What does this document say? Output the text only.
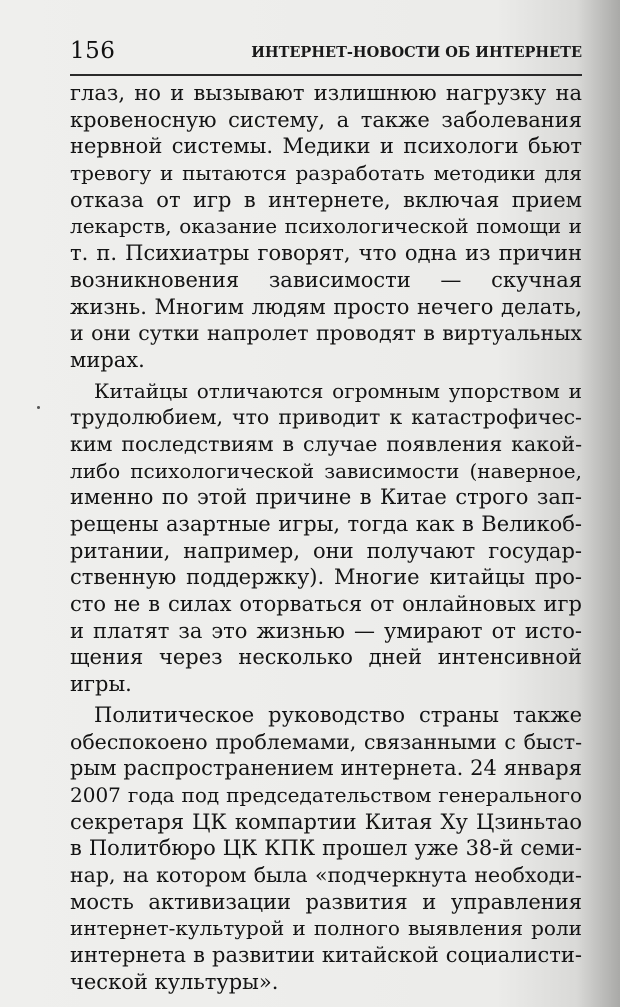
156	ИНТЕРНЕТ-НОВОСТИ ОБ ИНТЕРНЕТЕ
глаз, но и вызывают излишнюю нагрузку на
кровеносную систему, а также заболевания
нервной системы. Медики и психологи бьют
тревогу и пытаются разработать методики для
отказа от игр в интернете, включая прием
лекарств, оказание психологической помощи и
т. п. Психиатры говорят, что одна из причин
возникновения зависимости — скучная
жизнь. Многим людям просто нечего делать,
и они сутки напролет проводят в виртуальных
мирах.
Китайцы отличаются огромным упорством и
трудолюбием, что приводит к катастрофичес-
ким последствиям в случае появления какой-
либо психологической зависимости (наверное,
именно по этой причине в Китае строго зап-
рещены азартные игры, тогда как в Великоб-
ритании, например, они получают государ-
ственную поддержку). Многие китайцы про-
сто не в силах оторваться от онлайновых игр
и платят за это жизнью — умирают от исто-
щения через несколько дней интенсивной
игры.
Политическое руководство страны также
обеспокоено проблемами, связанными с быст-
рым распространением интернета. 24 января
2007 года под председательством генерального
секретаря ЦК компартии Китая Ху Цзиньтао
в Политбюро ЦК КПК прошел уже 38-й семи-
нар, на котором была «подчеркнута необходи-
мость активизации развития и управления
интернет-культурой и полного выявления роли
интернета в развитии китайской социалисти-
ческой культуры».
